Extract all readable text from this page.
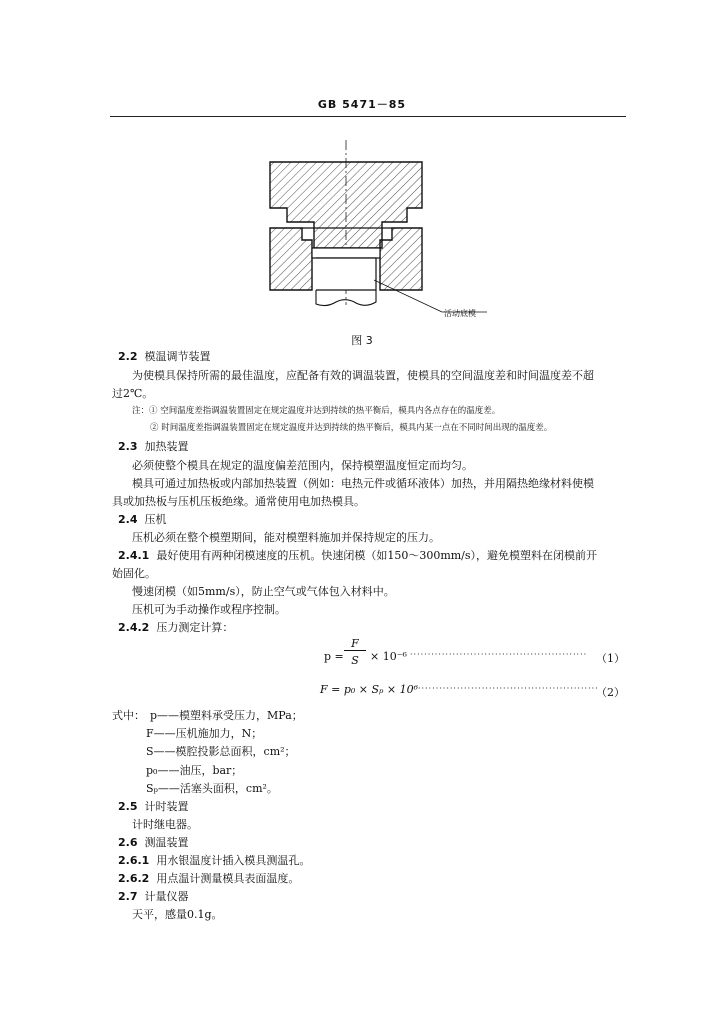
GB 5471－85
活动底模
图 3
2.2 模温调节装置
为使模具保持所需的最佳温度，应配备有效的调温装置，使模具的空间温度差和时间温度差不超
过2℃。
注：① 空间温度差指调温装置固定在规定温度并达到持续的热平衡后，模具内各点存在的温度差。
② 时间温度差指调温装置固定在规定温度并达到持续的热平衡后，模具内某一点在不同时间出现的温度差。
2.3 加热装置
必须使整个模具在规定的温度偏差范围内，保持模塑温度恒定而均匀。
模具可通过加热板或内部加热装置（例如：电热元件或循环液体）加热，并用隔热绝缘材料使模
具或加热板与压机压板绝缘。通常使用电加热模具。
2.4 压机
压机必须在整个模塑期间，能对模塑料施加并保持规定的压力。
2.4.1 最好使用有两种闭模速度的压机。快速闭模（如150～300mm/s），避免模塑料在闭模前开
始固化。
慢速闭模（如5mm/s），防止空气或气体包入材料中。
压机可为手动操作或程序控制。
2.4.2 压力测定计算：
p =
F
S	× 10⁻⁶ ·················································· （1）
F = p₀ × Sₚ × 10⁶ ···················································
（2）
式中： p——模塑料承受压力，MPa；
F——压机施加力，N；
S——模腔投影总面积，cm²；
p₀——油压，bar；
Sₚ——活塞头面积，cm²。
2.5 计时装置
计时继电器。
2.6 测温装置
2.6.1 用水银温度计插入模具测温孔。
2.6.2 用点温计测量模具表面温度。
2.7 计量仪器
天平，感量0.1g。
